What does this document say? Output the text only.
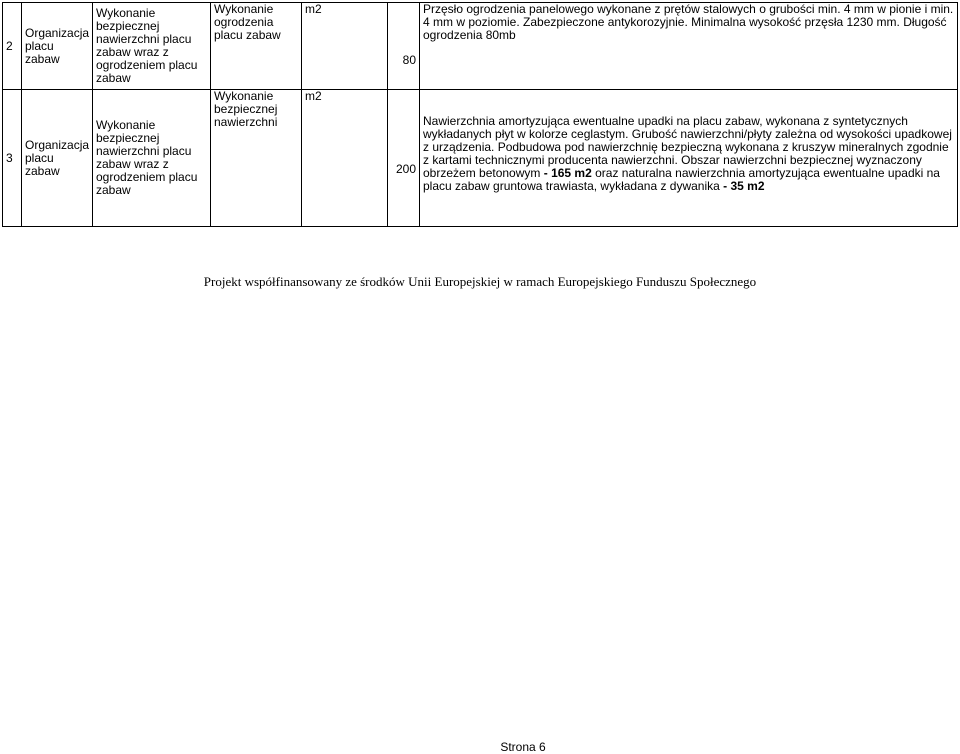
2	Organizacja placu zabaw	Wykonanie bezpiecznej nawierzchni placu zabaw wraz z ogrodzeniem placu zabaw	Wykonanie ogrodzenia placu zabaw	m2	80	Przęsło ogrodzenia panelowego wykonane z prętów stalowych o grubości min. 4 mm w pionie i min. 4 mm w poziomie. Zabezpieczone antykorozyjnie. Minimalna wysokość przęsła 1230 mm. Długość ogrodzenia 80mb
3	Organizacja placu zabaw	Wykonanie bezpiecznej nawierzchni placu zabaw wraz z ogrodzeniem placu zabaw	Wykonanie bezpiecznej nawierzchni	m2	200	Nawierzchnia amortyzująca ewentualne upadki na placu zabaw, wykonana z syntetycznych wykładanych płyt w kolorze ceglastym. Grubość nawierzchni/płyty zależna od wysokości upadkowej z urządzenia. Podbudowa pod nawierzchnię bezpieczną wykonana z kruszyw mineralnych zgodnie z kartami technicznymi producenta nawierzchni. Obszar nawierzchni bezpiecznej wyznaczony obrzeżem betonowym - 165 m2 oraz naturalna nawierzchnia amortyzująca ewentualne upadki na placu zabaw gruntowa trawiasta, wykładana z dywanika - 35 m2
Projekt współfinansowany ze środków Unii Europejskiej w ramach Europejskiego Funduszu Społecznego
Strona 6
